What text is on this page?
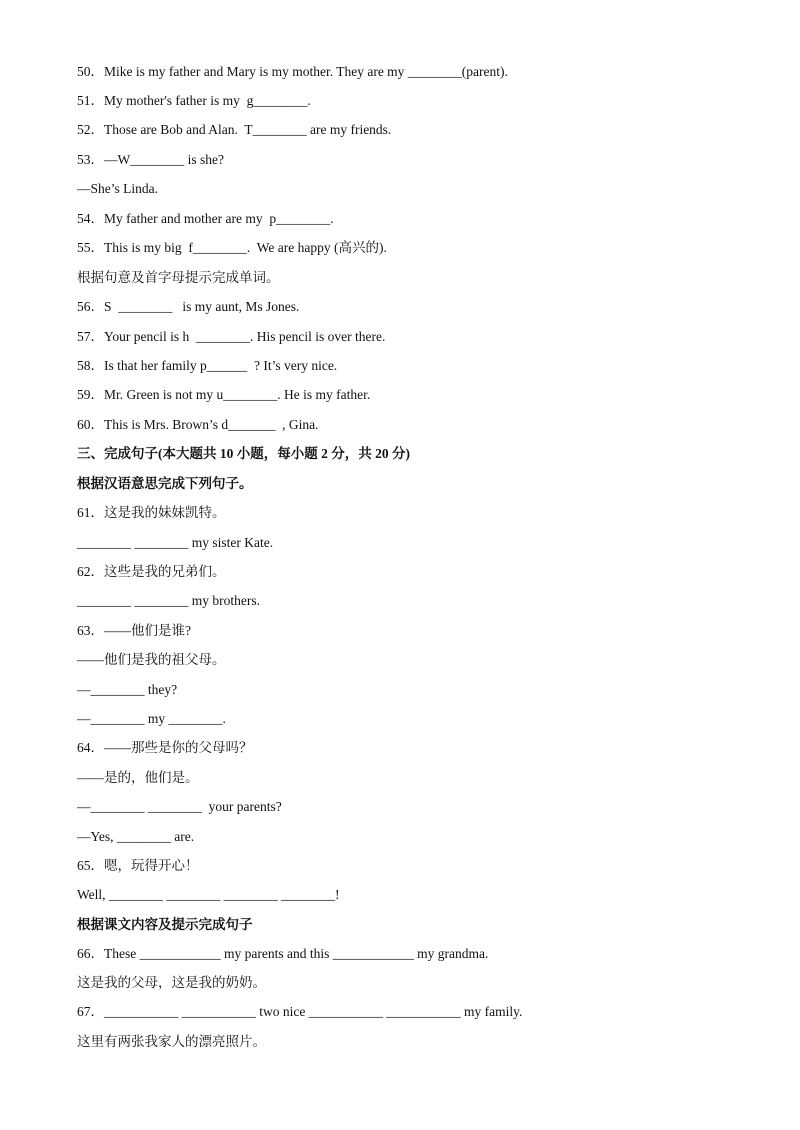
50．Mike is my father and Mary is my mother. They are my ________(parent).
51．My mother's father is my  g________.
52．Those are Bob and Alan.  T________ are my friends.
53．—W________ is she?
—She’s Linda.
54．My father and mother are my  p________.
55．This is my big  f________.  We are happy (高兴的).
根据句意及首字母提示完成单词。
56．S  ________   is my aunt, Ms Jones.
57．Your pencil is h  ________. His pencil is over there.
58．Is that her family p______  ? It’s very nice.
59．Mr. Green is not my u________. He is my father.
60．This is Mrs. Brown’s d_______  , Gina.
三、完成句子(本大题共 10 小题，每小题 2 分，共 20 分)
根据汉语意思完成下列句子。
61．这是我的妹妹凯特。
________ ________ my sister Kate.
62．这些是我的兄弟们。
________ ________ my brothers.
63．——他们是谁?
——他们是我的祖父母。
—________ they?
—________ my ________.
64．——那些是你的父母吗？
——是的，他们是。
—________ ________  your parents?
—Yes, ________ are.
65．嗯，玩得开心！
Well, ________ ________ ________ ________!
根据课文内容及提示完成句子
66．These ____________ my parents and this ____________ my grandma.
这是我的父母，这是我的奶奶。
67．___________ ___________ two nice ___________ ___________ my family.
这里有两张我家人的漂亮照片。
